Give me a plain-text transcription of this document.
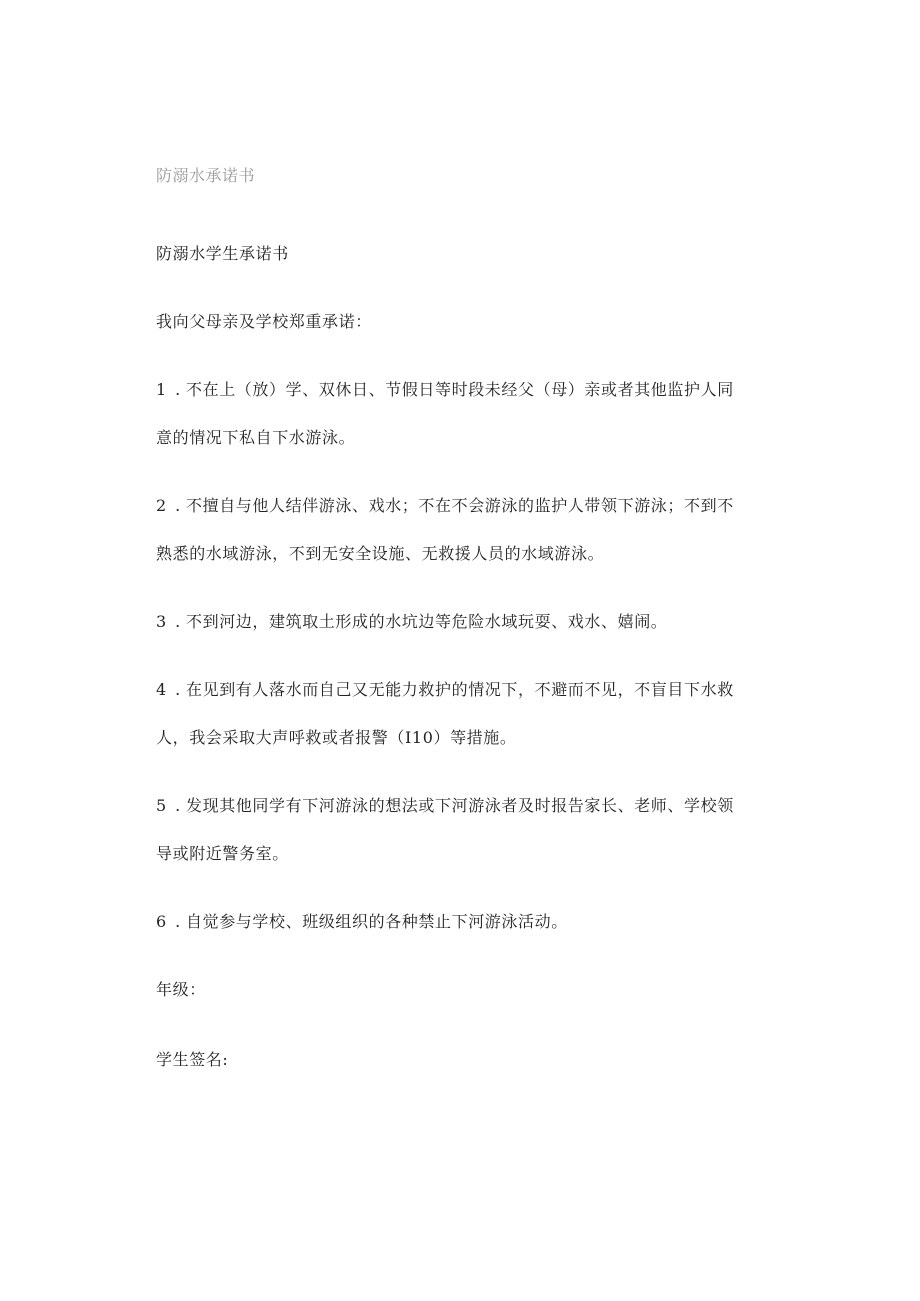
防溺水承诺书
防溺水学生承诺书
我向父母亲及学校郑重承诺：
1 . 不在上（放）学、双休日、节假日等时段未经父（母）亲或者其他监护人同
意的情况下私自下水游泳。
2 . 不擅自与他人结伴游泳、戏水；不在不会游泳的监护人带领下游泳；不到不
熟悉的水域游泳，不到无安全设施、无救援人员的水域游泳。
3 . 不到河边，建筑取土形成的水坑边等危险水域玩耍、戏水、嬉闹。
4 . 在见到有人落水而自己又无能力救护的情况下，不避而不见，不盲目下水救
人，我会采取大声呼救或者报警（I10）等措施。
5 . 发现其他同学有下河游泳的想法或下河游泳者及时报告家长、老师、学校领
导或附近警务室。
6 . 自觉参与学校、班级组织的各种禁止下河游泳活动。
年级：
学生签名:
